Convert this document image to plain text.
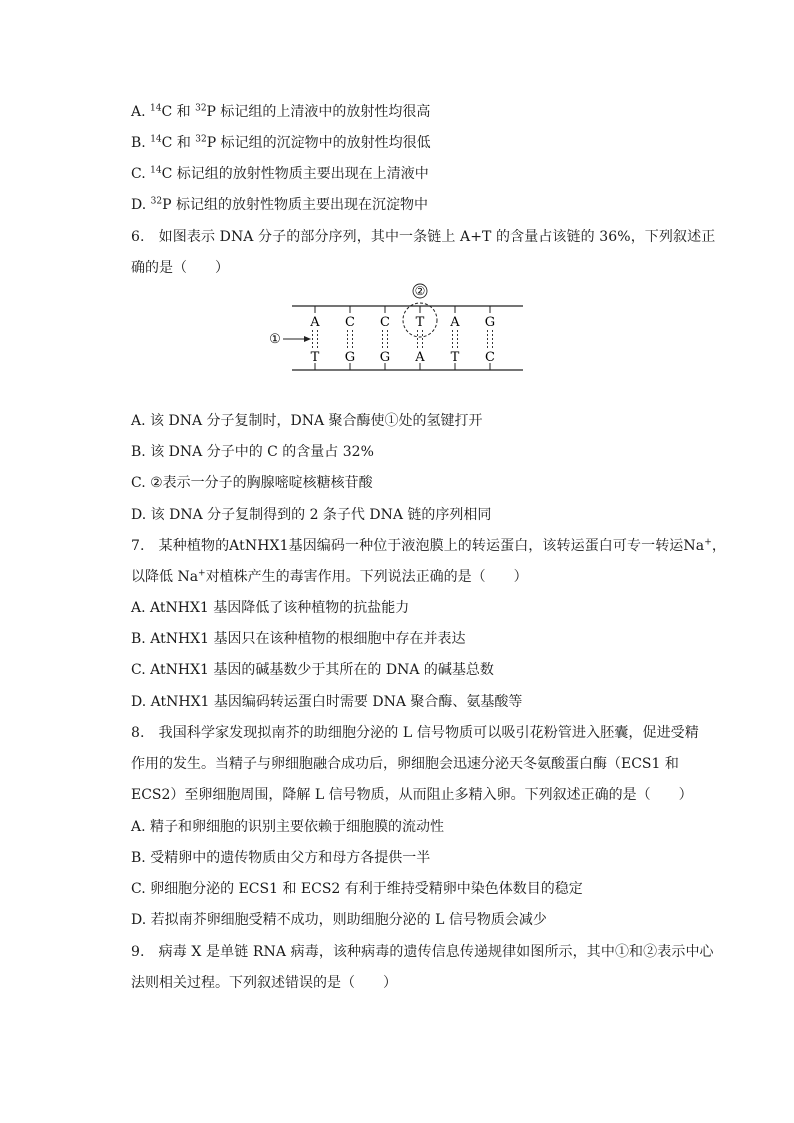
A. $^{14}$C 和 $^{32}$P 标记组的上清液中的放射性均很高
B. $^{14}$C 和 $^{32}$P 标记组的沉淀物中的放射性均很低
C. $^{14}$C 标记组的放射性物质主要出现在上清液中
D. $^{32}$P 标记组的放射性物质主要出现在沉淀物中
6.  如图表示 DNA 分子的部分序列，其中一条链上 A+T 的含量占该链的 36%，下列叙述正
确的是（　　）
A
T
C
G
C
G
T
A
A
T
G
C
②
①
A. 该 DNA 分子复制时，DNA 聚合酶使①处的氢键打开
B. 该 DNA 分子中的 C 的含量占 32%
C. ②表示一分子的胸腺嘧啶核糖核苷酸
D. 该 DNA 分子复制得到的 2 条子代 DNA 链的序列相同
7.  某种植物的AtNHX1基因编码一种位于液泡膜上的转运蛋白，该转运蛋白可专一转运Na+，
以降低 Na+对植株产生的毒害作用。下列说法正确的是（　　）
A. AtNHX1 基因降低了该种植物的抗盐能力
B. AtNHX1 基因只在该种植物的根细胞中存在并表达
C. AtNHX1 基因的碱基数少于其所在的 DNA 的碱基总数
D. AtNHX1 基因编码转运蛋白时需要 DNA 聚合酶、氨基酸等
8.  我国科学家发现拟南芥的助细胞分泌的 L 信号物质可以吸引花粉管进入胚囊，促进受精
作用的发生。当精子与卵细胞融合成功后，卵细胞会迅速分泌天冬氨酸蛋白酶（ECS1 和
ECS2）至卵细胞周围，降解 L 信号物质，从而阻止多精入卵。下列叙述正确的是（　　）
A. 精子和卵细胞的识别主要依赖于细胞膜的流动性
B. 受精卵中的遗传物质由父方和母方各提供一半
C. 卵细胞分泌的 ECS1 和 ECS2 有利于维持受精卵中染色体数目的稳定
D. 若拟南芥卵细胞受精不成功，则助细胞分泌的 L 信号物质会减少
9.  病毒 X 是单链 RNA 病毒，该种病毒的遗传信息传递规律如图所示，其中①和②表示中心
法则相关过程。下列叙述错误的是（　　）
